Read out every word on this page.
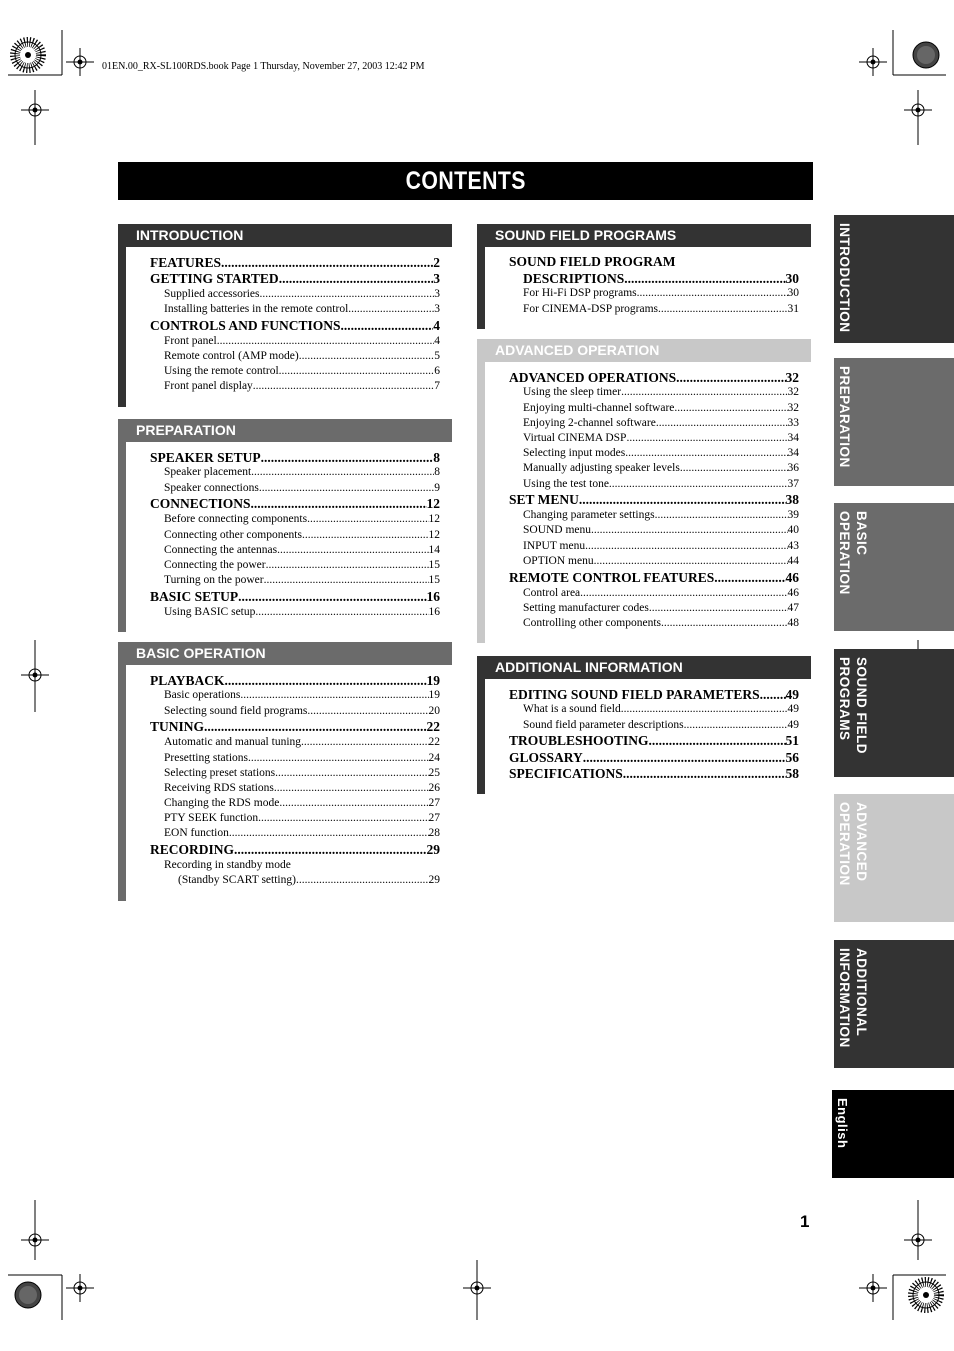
01EN.00_RX-SL100RDS.book Page 1 Thursday, November 27, 2003 12:42 PM
CONTENTS
INTRODUCTION
FEATURES .....	2
GETTING STARTED .....	3
Supplied accessories .....	3
Installing batteries in the remote control .....	3
CONTROLS AND FUNCTIONS .....	4
Front panel .....	4
Remote control (AMP mode) .....	5
Using the remote control .....	6
Front panel display .....	7
PREPARATION
SPEAKER SETUP .....	8
Speaker placement .....	8
Speaker connections .....	9
CONNECTIONS .....	12
Before connecting components .....	12
Connecting other components .....	12
Connecting the antennas .....	14
Connecting the power .....	15
Turning on the power .....	15
BASIC SETUP .....	16
Using BASIC setup .....	16
BASIC OPERATION
PLAYBACK .....	19
Basic operations .....	19
Selecting sound field programs .....	20
TUNING .....	22
Automatic and manual tuning .....	22
Presetting stations .....	24
Selecting preset stations .....	25
Receiving RDS stations .....	26
Changing the RDS mode .....	27
PTY SEEK function .....	27
EON function .....	28
RECORDING .....	29
Recording in standby mode
(Standby SCART setting) .....	29
SOUND FIELD PROGRAMS
SOUND FIELD PROGRAM
DESCRIPTIONS .....	30
For Hi-Fi DSP programs .....	30
For CINEMA-DSP programs .....	31
ADVANCED OPERATION
ADVANCED OPERATIONS .....	32
Using the sleep timer .....	32
Enjoying multi-channel software .....	32
Enjoying 2-channel software .....	33
Virtual CINEMA DSP .....	34
Selecting input modes .....	34
Manually adjusting speaker levels .....	36
Using the test tone .....	37
SET MENU .....	38
Changing parameter settings .....	39
SOUND menu .....	40
INPUT menu .....	43
OPTION menu .....	44
REMOTE CONTROL FEATURES .....	46
Control area .....	46
Setting manufacturer codes .....	47
Controlling other components .....	48
ADDITIONAL INFORMATION
EDITING SOUND FIELD PARAMETERS ..... 49
What is a sound field .....	49
Sound field parameter descriptions .....	49
TROUBLESHOOTING .....	51
GLOSSARY .....	56
SPECIFICATIONS .....	58
INTRODUCTION
PREPARATION
BASIC
OPERATION
SOUND FIELD
PROGRAMS
ADVANCED
OPERATION
ADDITIONAL
INFORMATION
English
1
